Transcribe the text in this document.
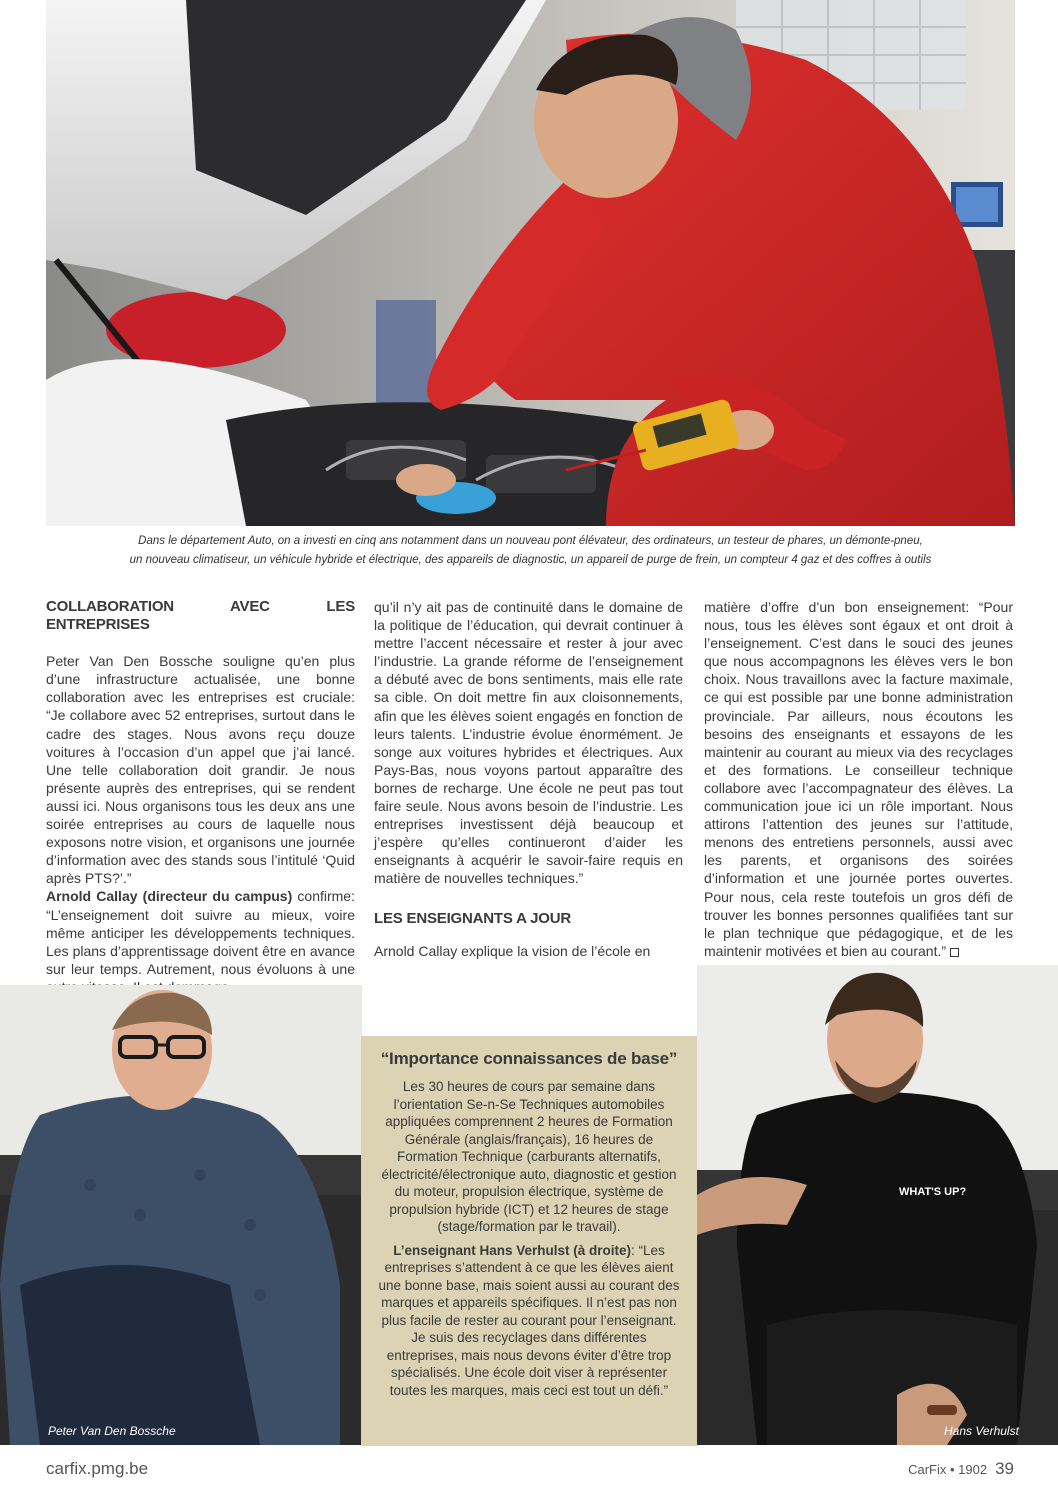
Dans le département Auto, on a investi en cinq ans notamment dans un nouveau pont élévateur, des ordinateurs, un testeur de phares, un démonte-pneu,
un nouveau climatiseur, un véhicule hybride et électrique, des appareils de diagnostic, un appareil de purge de frein, un compteur 4 gaz et des coffres à outils

COLLABORATION AVEC LES ENTREPRISES

Peter Van Den Bossche souligne qu’en plus d’une infrastructure actualisée, une bonne collaboration avec les entreprises est cruciale: “Je collabore avec 52 entreprises, surtout dans le cadre des stages. Nous avons reçu douze voitures à l’occasion d’un appel que j’ai lancé. Une telle collaboration doit grandir. Je nous présente auprès des entreprises, qui se rendent aussi ici. Nous organisons tous les deux ans une soirée entreprises au cours de laquelle nous exposons notre vision, et organisons une journée d’information avec des stands sous l’intitulé ‘Quid après PTS?’.”

Arnold Callay (directeur du campus) confirme: “L’enseignement doit suivre au mieux, voire même anticiper les développements techniques. Les plans d’apprentissage doivent être en avance sur leur temps. Autrement, nous évoluons à une

qu’il n’y ait pas de continuité dans le domaine de la politique de l’éducation, qui devrait continuer à mettre l’accent nécessaire et rester à jour avec l’industrie. La grande réforme de l’enseignement a débuté avec de bons sentiments, mais elle rate sa cible. On doit mettre fin aux cloisonnements, afin que les élèves soient engagés en fonction de leurs talents. L’industrie évolue énormément. Je songe aux voitures hybrides et électriques. Aux Pays-Bas, nous voyons partout apparaître des bornes de recharge. Une école ne peut pas tout faire seule. Nous avons besoin de l’industrie. Les entreprises investissent déjà beaucoup et j’espère qu’elles continueront d’aider les enseignants à acquérir le savoir-faire requis en matière de nouvelles techniques.”

LES ENSEIGNANTS A JOUR

Arnold Callay explique la vision de l’école en

matière d’offre d’un bon enseignement: “Pour nous, tous les élèves sont égaux et ont droit à l’enseignement. C’est dans le souci des jeunes que nous accompagnons les élèves vers le bon choix. Nous travaillons avec la facture maximale, ce qui est possible par une bonne administration provinciale. Par ailleurs, nous écoutons les besoins des enseignants et essayons de les maintenir au courant au mieux via des recyclages et des formations. Le conseilleur technique collabore avec l’accompagnateur des élèves. La communication joue ici un rôle important. Nous attirons l’attention des jeunes sur l’attitude, menons des entretiens personnels, aussi avec les parents, et organisons des soirées d’information et une journée portes ouvertes. Pour nous, cela reste toutefois un gros défi de trouver les bonnes personnes qualifiées tant sur le plan technique que pédagogique, et de les maintenir motivées et bien au courant.”

Peter Van Den Bossche
WHAT'S UP?
Hans Verhulst
“Importance connaissances de base”

Les 30 heures de cours par semaine dans l’orientation Se-n-Se Techniques automobiles appliquées comprennent 2 heures de Formation Générale (anglais/français), 16 heures de Formation Technique (carburants alternatifs, électricité/électronique auto, diagnostic et gestion du moteur, propulsion électrique, système de propulsion hybride (ICT) et 12 heures de stage (stage/formation par le travail).

L’enseignant Hans Verhulst (à droite): “Les entreprises s’attendent à ce que les élèves aient une bonne base, mais soient aussi au courant des marques et appareils spécifiques. Il n’est pas non plus facile de rester au courant pour l’enseignant. Je suis des recyclages dans différentes entreprises, mais nous devons éviter d’être trop spécialisés. Une école doit viser à représenter toutes les marques, mais ceci est tout un défi.”

carfix.pmg.be	CarFix • 1902 39
